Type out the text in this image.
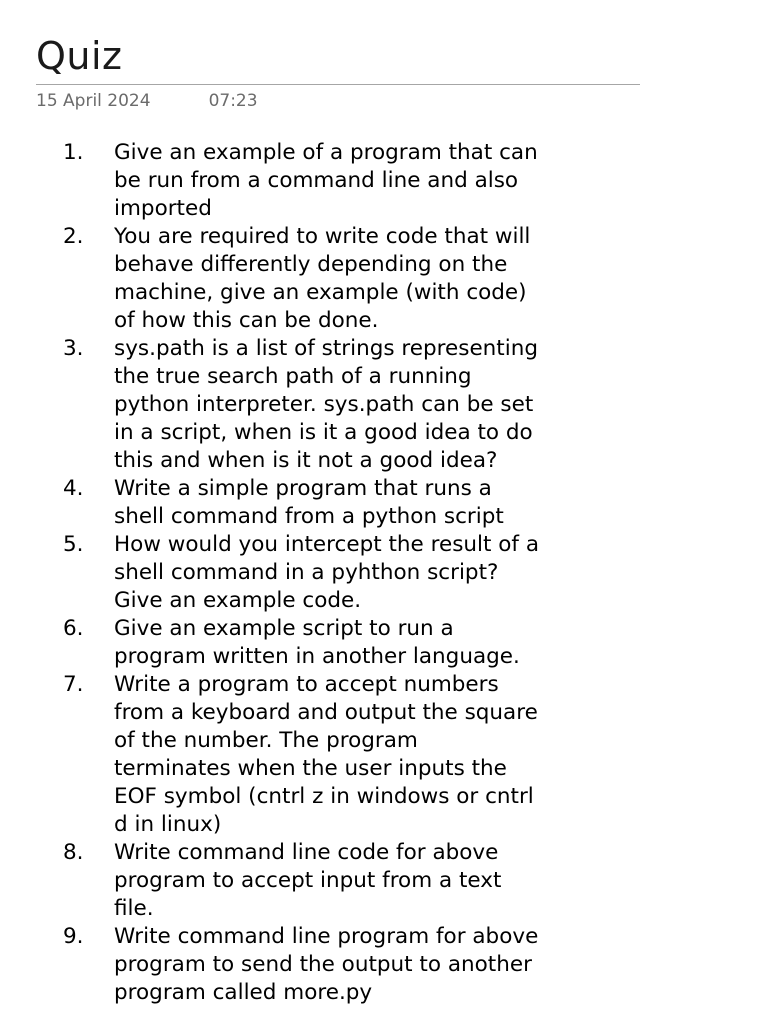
Quiz
15 April 2024	07:23
1.	Give an example of a program that can
be run from a command line and also
imported
2.	You are required to write code that will
behave differently depending on the
machine, give an example (with code)
of how this can be done.
3.	sys.path is a list of strings representing
the true search path of a running
python interpreter. sys.path can be set
in a script, when is it a good idea to do
this and when is it not a good idea?
4.	Write a simple program that runs a
shell command from a python script
5.	How would you intercept the result of a
shell command in a pyhthon script?
Give an example code.
6.	Give an example script to run a
program written in another language.
7.	Write a program to accept numbers
from a keyboard and output the square
of the number. The program
terminates when the user inputs the
EOF symbol (cntrl z in windows or cntrl
d in linux)
8.	Write command line code for above
program to accept input from a text
file.
9.	Write command line program for above
program to send the output to another
program called more.py
